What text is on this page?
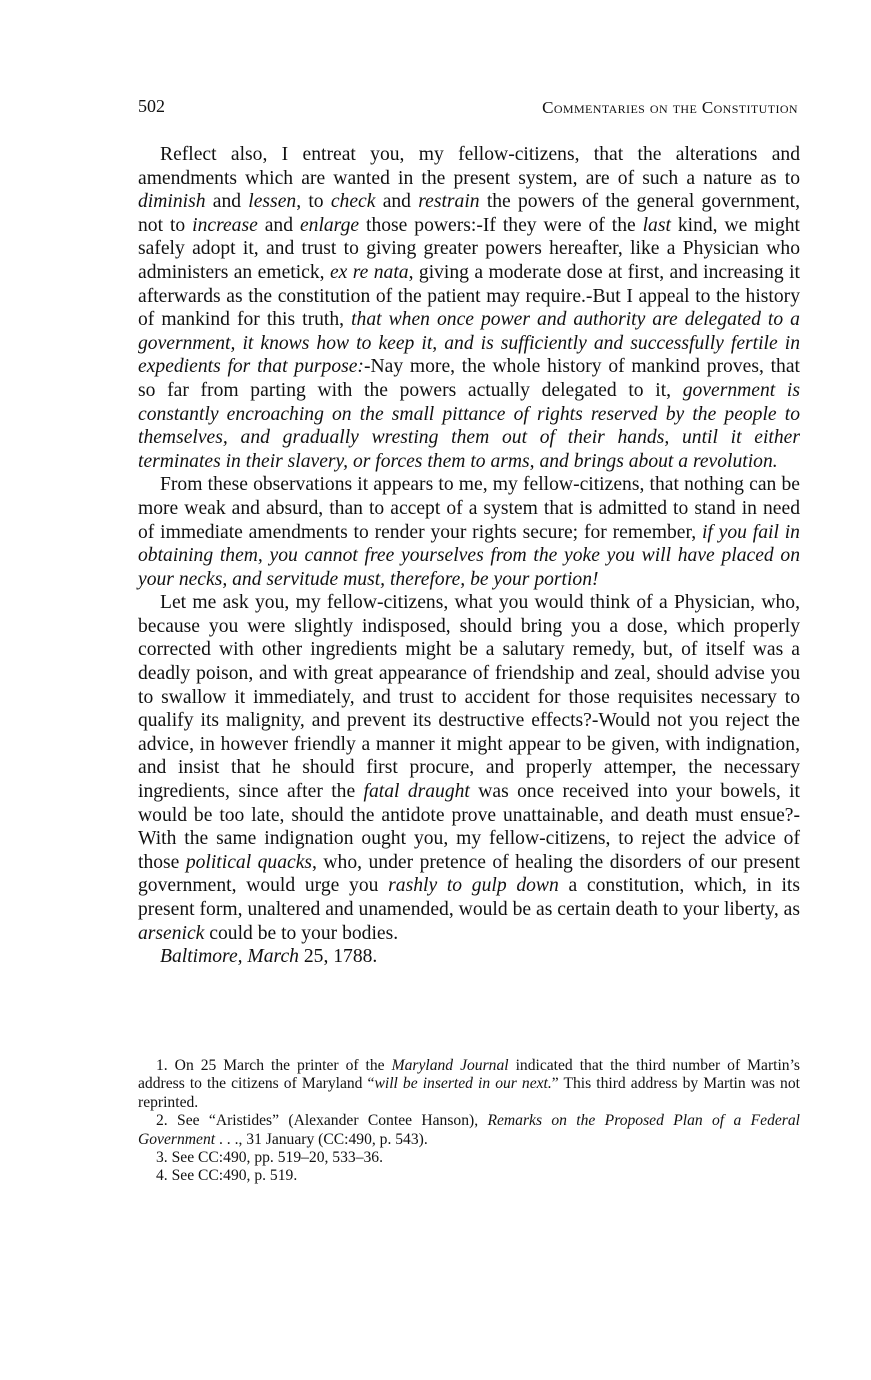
502	Commentaries on the Constitution

Reflect also, I entreat you, my fellow-citizens, that the alterations and amendments which are wanted in the present system, are of such a nature as to diminish and lessen, to check and restrain the powers of the general government, not to increase and enlarge those powers:-If they were of the last kind, we might safely adopt it, and trust to giving greater powers hereafter, like a Physician who administers an emetick, ex re nata, giving a moderate dose at first, and increasing it afterwards as the constitution of the patient may require.-But I appeal to the history of mankind for this truth, that when once power and authority are delegated to a government, it knows how to keep it, and is sufficiently and successfully fertile in expedients for that purpose:-Nay more, the whole history of mankind proves, that so far from parting with the powers actually delegated to it, government is constantly encroaching on the small pittance of rights reserved by the people to themselves, and gradually wresting them out of their hands, until it either terminates in their slavery, or forces them to arms, and brings about a revolution.

From these observations it appears to me, my fellow-citizens, that nothing can be more weak and absurd, than to accept of a system that is admitted to stand in need of immediate amendments to render your rights secure; for remember, if you fail in obtaining them, you cannot free yourselves from the yoke you will have placed on your necks, and servitude must, therefore, be your portion!

Let me ask you, my fellow-citizens, what you would think of a Physician, who, because you were slightly indisposed, should bring you a dose, which properly corrected with other ingredients might be a salutary remedy, but, of itself was a deadly poison, and with great appearance of friendship and zeal, should advise you to swallow it immediately, and trust to accident for those requisites necessary to qualify its malignity, and prevent its destructive effects?-Would not you reject the advice, in however friendly a manner it might appear to be given, with indignation, and insist that he should first procure, and properly attemper, the necessary ingredients, since after the fatal draught was once received into your bowels, it would be too late, should the antidote prove unattainable, and death must ensue?-With the same indignation ought you, my fellow-citizens, to reject the advice of those political quacks, who, under pretence of healing the disorders of our present government, would urge you rashly to gulp down a constitution, which, in its present form, unaltered and unamended, would be as certain death to your liberty, as arsenick could be to your bodies.

Baltimore, March 25, 1788.

1. On 25 March the printer of the Maryland Journal indicated that the third number of Martin’s address to the citizens of Maryland “will be inserted in our next.” This third address by Martin was not reprinted.

2. See “Aristides” (Alexander Contee Hanson), Remarks on the Proposed Plan of a Federal Government . . ., 31 January (CC:490, p. 543).

3. See CC:490, pp. 519–20, 533–36.

4. See CC:490, p. 519.
